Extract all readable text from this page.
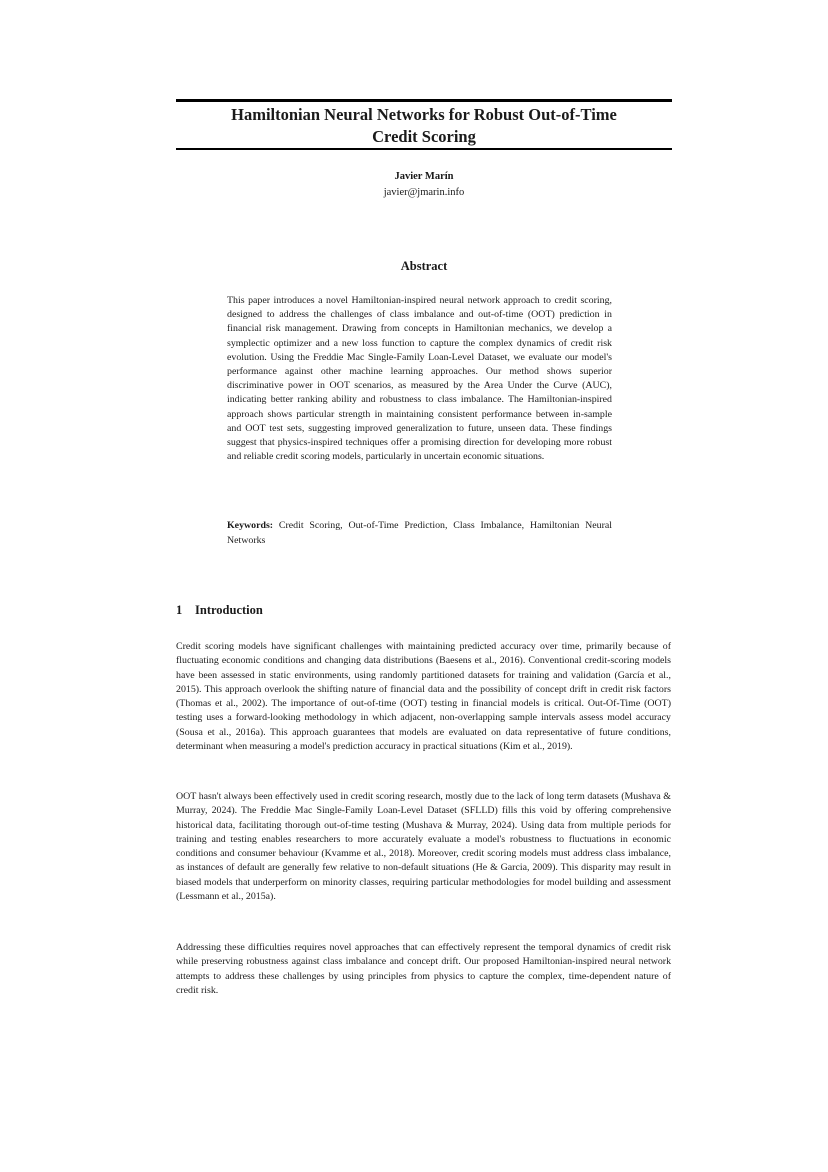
Hamiltonian Neural Networks for Robust Out-of-Time
Credit Scoring
Javier Marín
javier@jmarin.info
Abstract

This paper introduces a novel Hamiltonian-inspired neural network approach to credit scoring, designed to address the challenges of class imbalance and out-of-time (OOT) prediction in financial risk management. Drawing from concepts in Hamiltonian mechanics, we develop a symplectic optimizer and a new loss function to capture the complex dynamics of credit risk evolution. Using the Freddie Mac Single-Family Loan-Level Dataset, we evaluate our model's performance against other machine learning approaches. Our method shows superior discriminative power in OOT scenarios, as measured by the Area Under the Curve (AUC), indicating better ranking ability and robustness to class imbalance. The Hamiltonian-inspired approach shows particular strength in maintaining consistent performance between in-sample and OOT test sets, suggesting improved generalization to future, unseen data. These findings suggest that physics-inspired techniques offer a promising direction for developing more robust and reliable credit scoring models, particularly in uncertain economic situations.

Keywords: Credit Scoring, Out-of-Time Prediction, Class Imbalance, Hamiltonian Neural Networks

1 Introduction

Credit scoring models have significant challenges with maintaining predicted accuracy over time, primarily because of fluctuating economic conditions and changing data distributions (Baesens et al., 2016). Conventional credit-scoring models have been assessed in static environments, using randomly partitioned datasets for training and validation (García et al., 2015). This approach overlook the shifting nature of financial data and the possibility of concept drift in credit risk factors (Thomas et al., 2002). The importance of out-of-time (OOT) testing in financial models is critical. Out-Of-Time (OOT) testing uses a forward-looking methodology in which adjacent, non-overlapping sample intervals assess model accuracy (Sousa et al., 2016a). This approach guarantees that models are evaluated on data representative of future conditions, determinant when measuring a model's prediction accuracy in practical situations (Kim et al., 2019).

OOT hasn't always been effectively used in credit scoring research, mostly due to the lack of long term datasets (Mushava & Murray, 2024). The Freddie Mac Single-Family Loan-Level Dataset (SFLLD) fills this void by offering comprehensive historical data, facilitating thorough out-of-time testing (Mushava & Murray, 2024). Using data from multiple periods for training and testing enables researchers to more accurately evaluate a model's robustness to fluctuations in economic conditions and consumer behaviour (Kvamme et al., 2018). Moreover, credit scoring models must address class imbalance, as instances of default are generally few relative to non-default situations (He & Garcia, 2009). This disparity may result in biased models that underperform on minority classes, requiring particular methodologies for model building and assessment (Lessmann et al., 2015a).

Addressing these difficulties requires novel approaches that can effectively represent the temporal dynamics of credit risk while preserving robustness against class imbalance and concept drift. Our proposed Hamiltonian-inspired neural network attempts to address these challenges by using principles from physics to capture the complex, time-dependent nature of credit risk.
